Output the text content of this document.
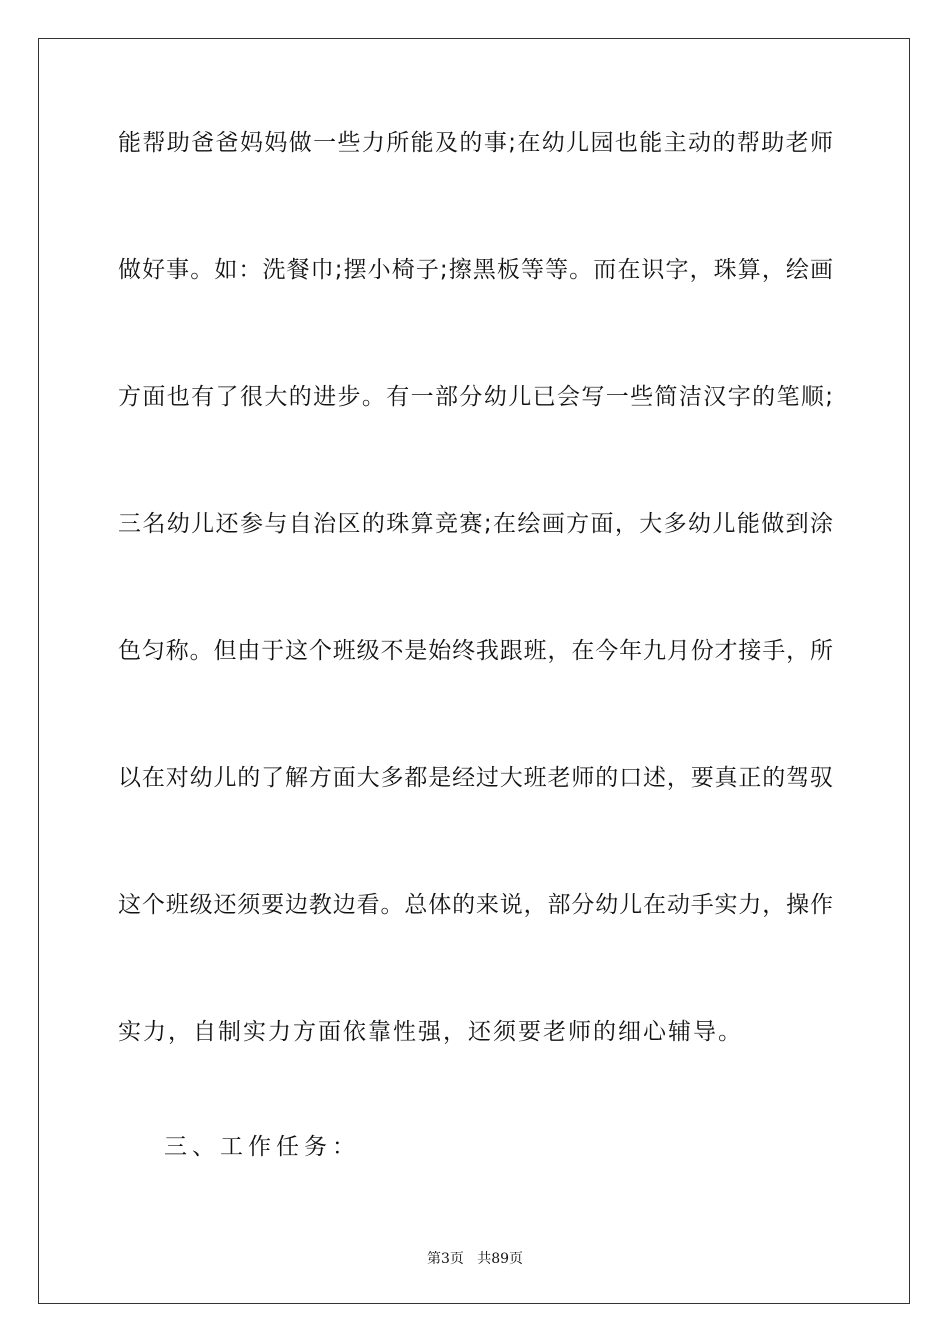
能帮助爸爸妈妈做一些力所能及的事;在幼儿园也能主动的帮助老师
做好事。如：洗餐巾;摆小椅子;擦黑板等等。而在识字，珠算，绘画
方面也有了很大的进步。有一部分幼儿已会写一些简洁汉字的笔顺;
三名幼儿还参与自治区的珠算竞赛;在绘画方面，大多幼儿能做到涂
色匀称。但由于这个班级不是始终我跟班，在今年九月份才接手，所
以在对幼儿的了解方面大多都是经过大班老师的口述，要真正的驾驭
这个班级还须要边教边看。总体的来说，部分幼儿在动手实力，操作
实力，自制实力方面依靠性强，还须要老师的细心辅导。
三、工作任务：
第3页   共89页
